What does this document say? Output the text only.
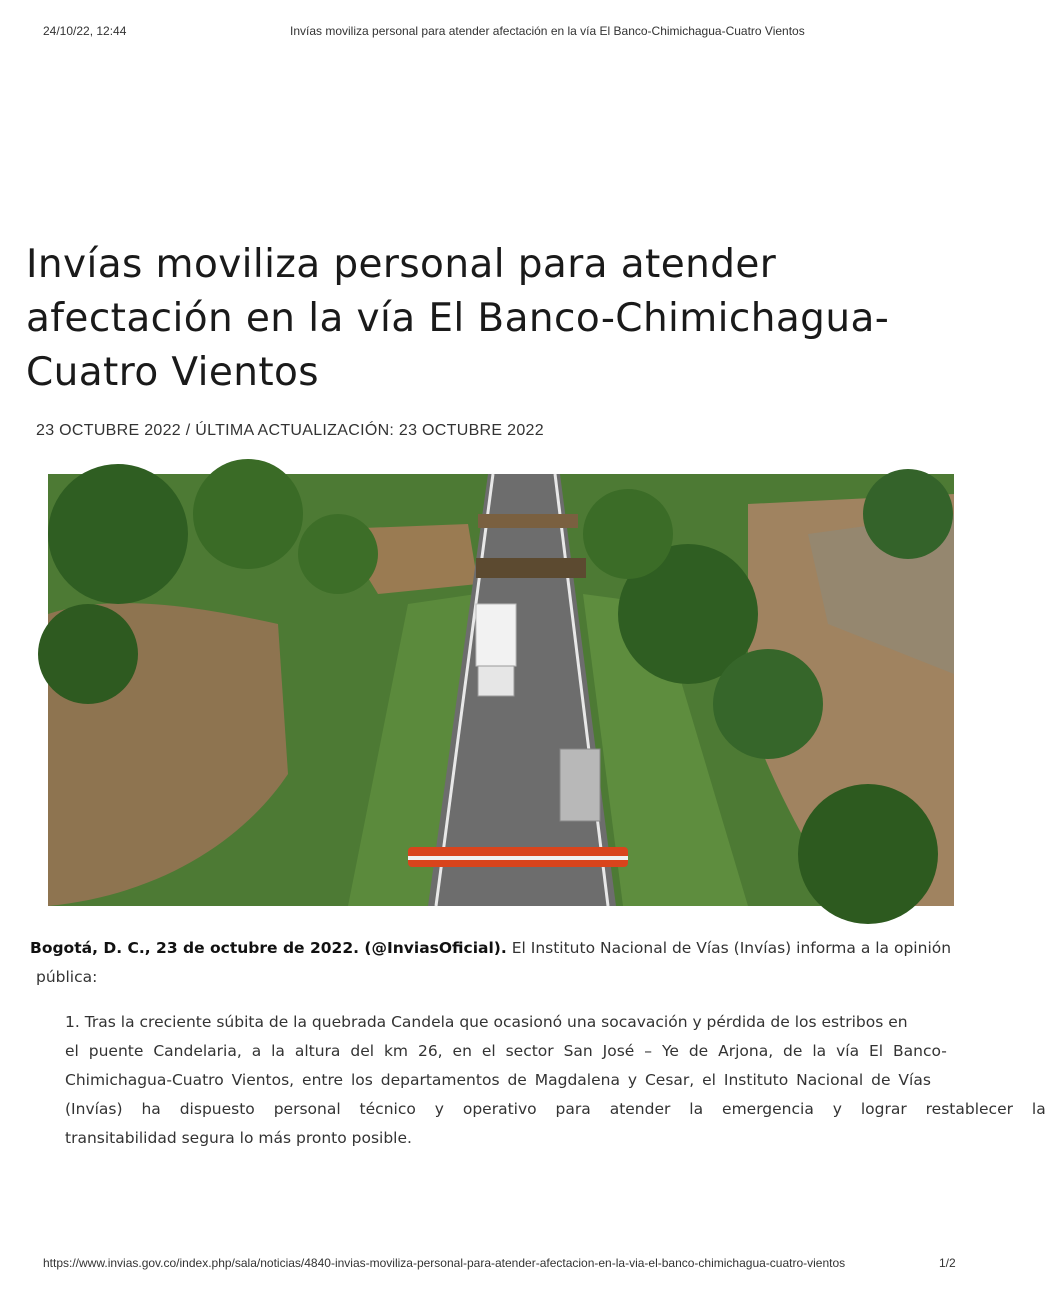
24/10/22, 12:44	Invías moviliza personal para atender afectación en la vía El Banco-Chimichagua-Cuatro Vientos
Invías moviliza personal para atender
afectación en la vía El Banco-Chimichagua-
Cuatro Vientos
23 OCTUBRE 2022 / ÚLTIMA ACTUALIZACIÓN: 23 OCTUBRE 2022
Bogotá, D. C., 23 de octubre de 2022. (@InviasOficial). El Instituto Nacional de Vías (Invías) informa a la opinión
pública:
1. Tras la creciente súbita de la quebrada Candela que ocasionó una socavación y pérdida de los estribos en
el puente Candelaria, a la altura del km 26, en el sector San José – Ye de Arjona, de la vía El Banco-
Chimichagua-Cuatro Vientos, entre los departamentos de Magdalena y Cesar, el Instituto Nacional de Vías
(Invías) ha dispuesto personal técnico y operativo para atender la emergencia y lograr restablecer la
transitabilidad segura lo más pronto posible.
https://www.invias.gov.co/index.php/sala/noticias/4840-invias-moviliza-personal-para-atender-afectacion-en-la-via-el-banco-chimichagua-cuatro-vientos	1/2
